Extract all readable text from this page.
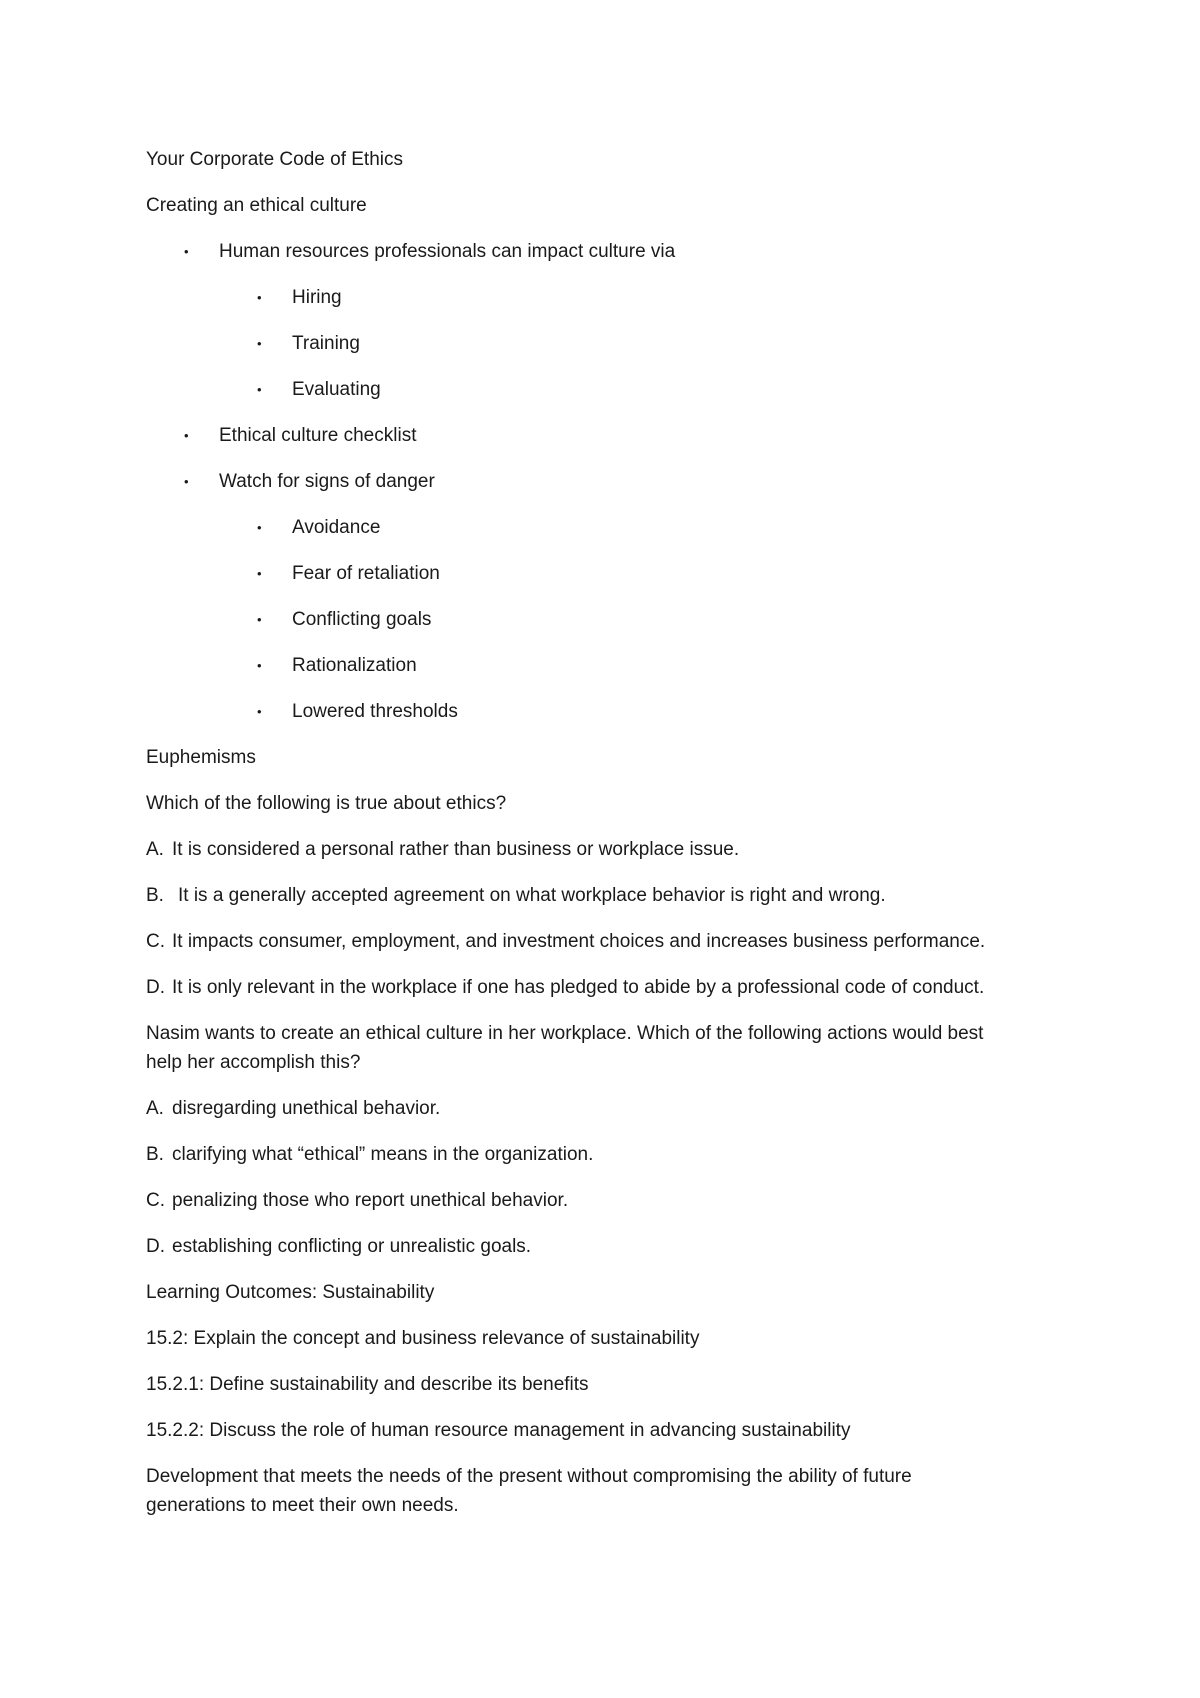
Your Corporate Code of Ethics
Creating an ethical culture
• Human resources professionals can impact culture via
• Hiring
• Training
• Evaluating
• Ethical culture checklist
• Watch for signs of danger
• Avoidance
• Fear of retaliation
• Conflicting goals
• Rationalization
• Lowered thresholds
Euphemisms
Which of the following is true about ethics?
A. It is considered a personal rather than business or workplace issue.
B. It is a generally accepted agreement on what workplace behavior is right and wrong.
C. It impacts consumer, employment, and investment choices and increases business performance.
D. It is only relevant in the workplace if one has pledged to abide by a professional code of conduct.
Nasim wants to create an ethical culture in her workplace. Which of the following actions would best
help her accomplish this?
A. disregarding unethical behavior.
B. clarifying what “ethical” means in the organization.
C. penalizing those who report unethical behavior.
D. establishing conflicting or unrealistic goals.
Learning Outcomes: Sustainability
15.2: Explain the concept and business relevance of sustainability
15.2.1: Define sustainability and describe its benefits
15.2.2: Discuss the role of human resource management in advancing sustainability
Development that meets the needs of the present without compromising the ability of future
generations to meet their own needs.
